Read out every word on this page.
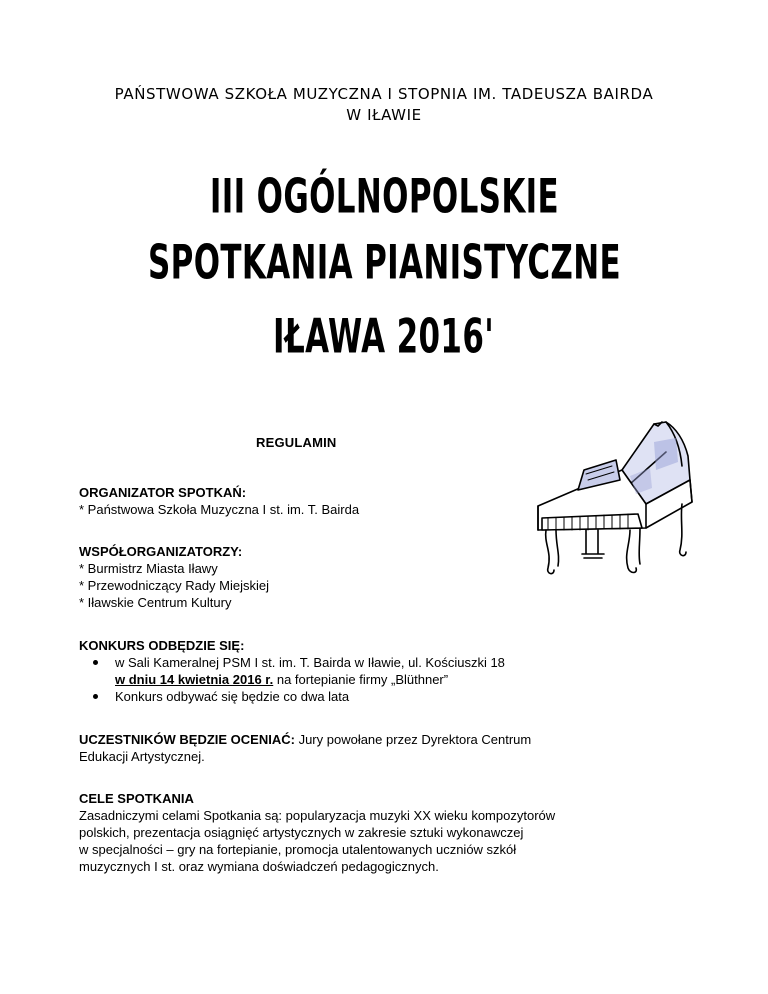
PAŃSTWOWA SZKOŁA MUZYCZNA I STOPNIA IM. TADEUSZA BAIRDA
W IŁAWIE
III OGÓLNOPOLSKIE
SPOTKANIA PIANISTYCZNE
IŁAWA 2016'
REGULAMIN
ORGANIZATOR SPOTKAŃ:
* Państwowa Szkoła Muzyczna I st. im. T. Bairda
WSPÓŁORGANIZATORZY:
* Burmistrz Miasta Iławy
* Przewodniczący Rady Miejskiej
* Iławskie Centrum Kultury
KONKURS ODBĘDZIE SIĘ:
w Sali Kameralnej PSM I st. im. T. Bairda w Iławie, ul. Kościuszki 18
w dniu 14 kwietnia 2016 r. na fortepianie firmy „Blüthner”
Konkurs odbywać się będzie co dwa lata
UCZESTNIKÓW BĘDZIE OCENIAĆ: Jury powołane przez Dyrektora Centrum
Edukacji Artystycznej.
CELE SPOTKANIA
Zasadniczymi celami Spotkania są: popularyzacja muzyki XX wieku kompozytorów
polskich, prezentacja osiągnięć artystycznych w zakresie sztuki wykonawczej
w specjalności – gry na fortepianie, promocja utalentowanych uczniów szkół
muzycznych I st. oraz wymiana doświadczeń pedagogicznych.
